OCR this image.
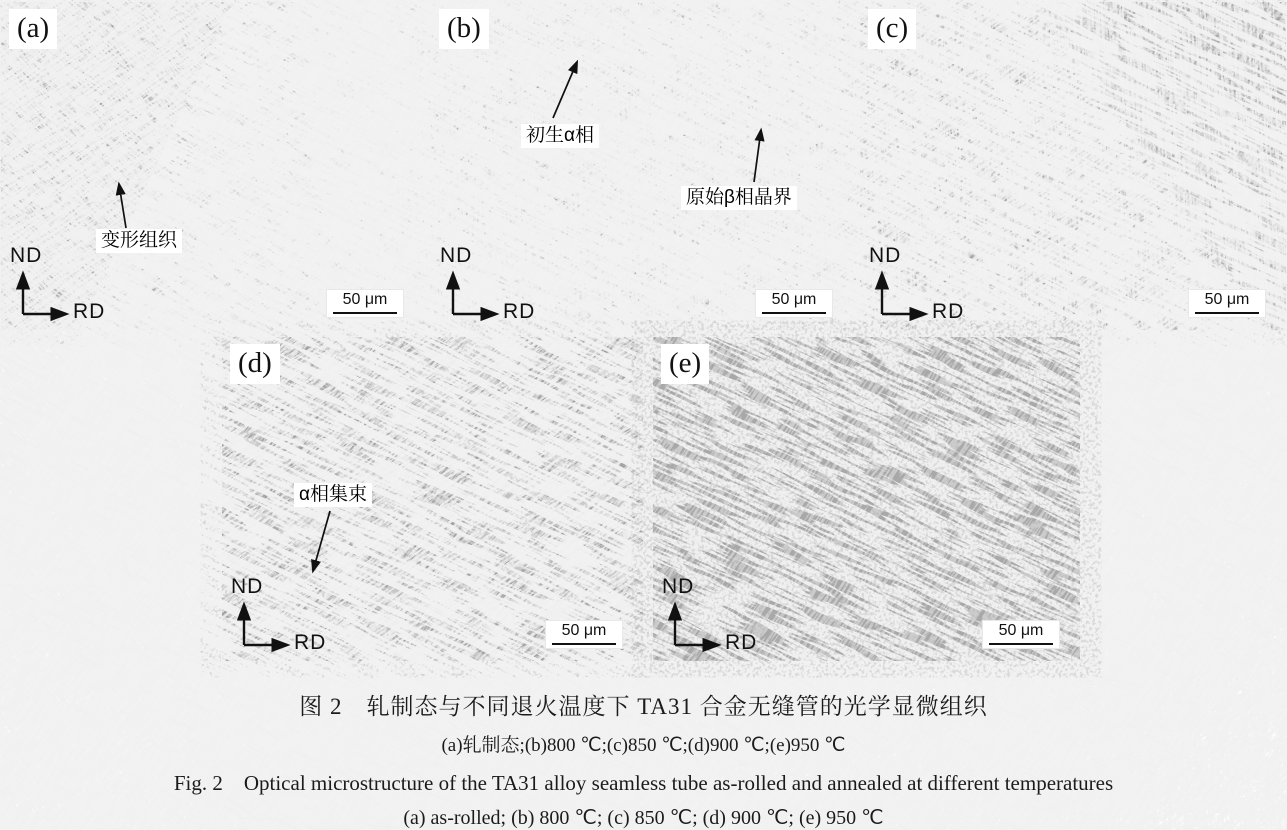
(a)
变形组织
ND
RD
50 μm
(b)
初生α相
原始β相晶界
ND
RD
50 μm
(c)
ND
RD
50 μm
(d)
α相集束
ND
RD
50 μm
(e)
ND
RD
50 μm
图 2　轧制态与不同退火温度下 TA31 合金无缝管的光学显微组织
(a)轧制态;(b)800 ℃;(c)850 ℃;(d)900 ℃;(e)950 ℃
Fig. 2　Optical microstructure of the TA31 alloy seamless tube as-rolled and annealed at different temperatures
(a) as-rolled; (b) 800 ℃; (c) 850 ℃; (d) 900 ℃; (e) 950 ℃
